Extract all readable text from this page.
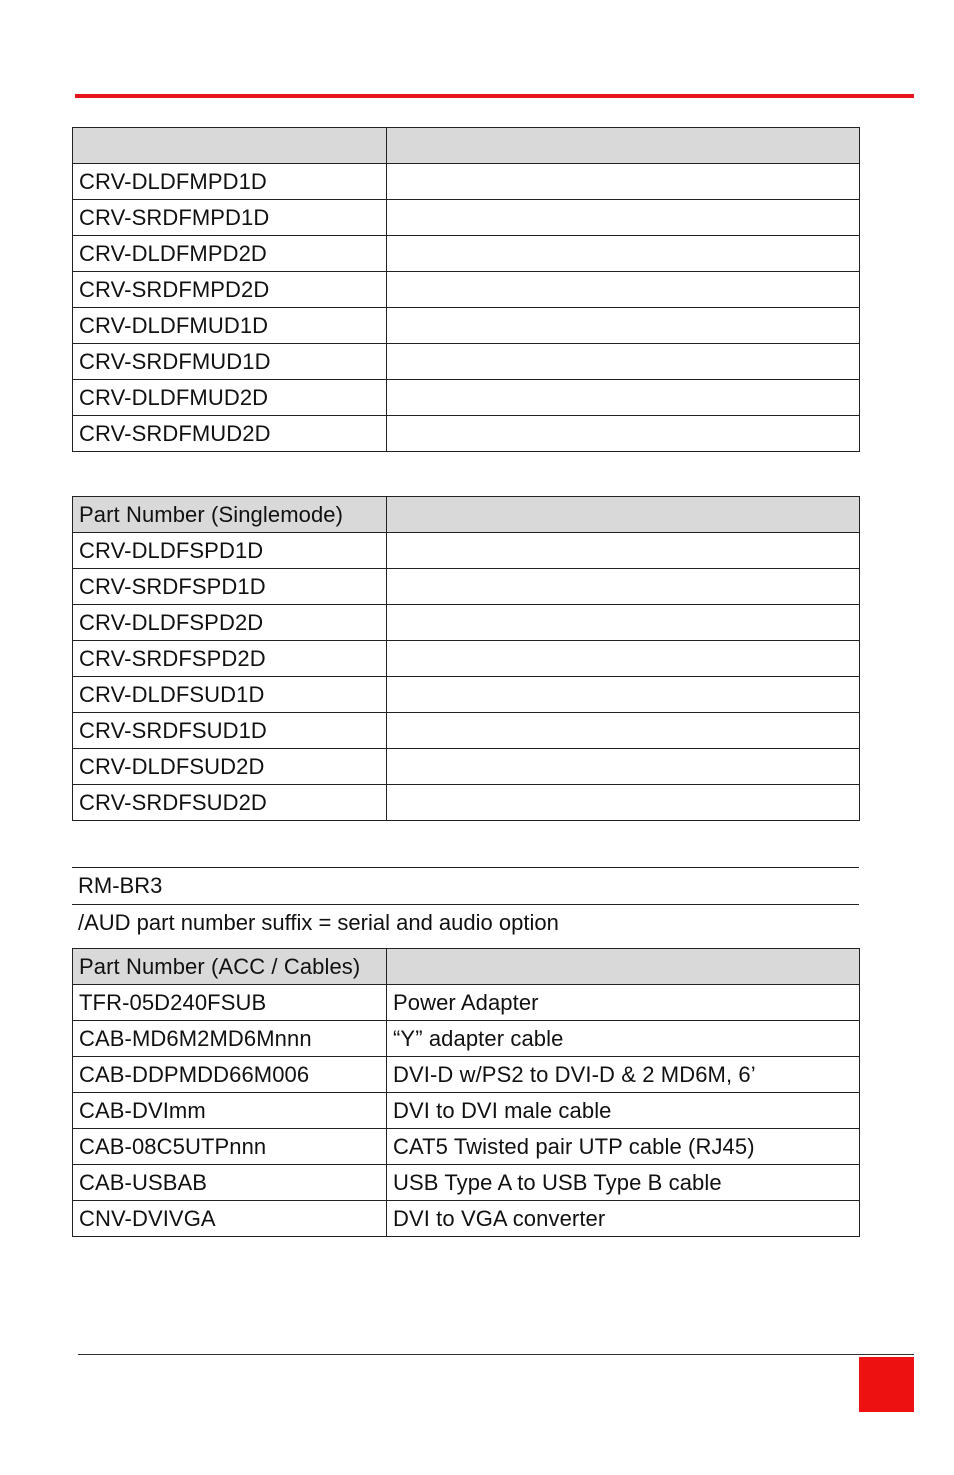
CRV-DLDFMPD1D	
CRV-SRDFMPD1D	
CRV-DLDFMPD2D	
CRV-SRDFMPD2D	
CRV-DLDFMUD1D	
CRV-SRDFMUD1D	
CRV-DLDFMUD2D	
CRV-SRDFMUD2D	
Part Number (Singlemode)	
CRV-DLDFSPD1D	
CRV-SRDFSPD1D	
CRV-DLDFSPD2D	
CRV-SRDFSPD2D	
CRV-DLDFSUD1D	
CRV-SRDFSUD1D	
CRV-DLDFSUD2D	
CRV-SRDFSUD2D	
RM-BR3
/AUD part number suffix = serial and audio option
Part Number (ACC / Cables)	
TFR-05D240FSUB	Power Adapter
CAB-MD6M2MD6Mnnn	“Y” adapter cable
CAB-DDPMDD66M006	DVI-D w/PS2 to DVI-D & 2 MD6M, 6’
CAB-DVImm	DVI to DVI male cable
CAB-08C5UTPnnn	CAT5 Twisted pair UTP cable (RJ45)
CAB-USBAB	USB Type A to USB Type B cable
CNV-DVIVGA	DVI to VGA converter
